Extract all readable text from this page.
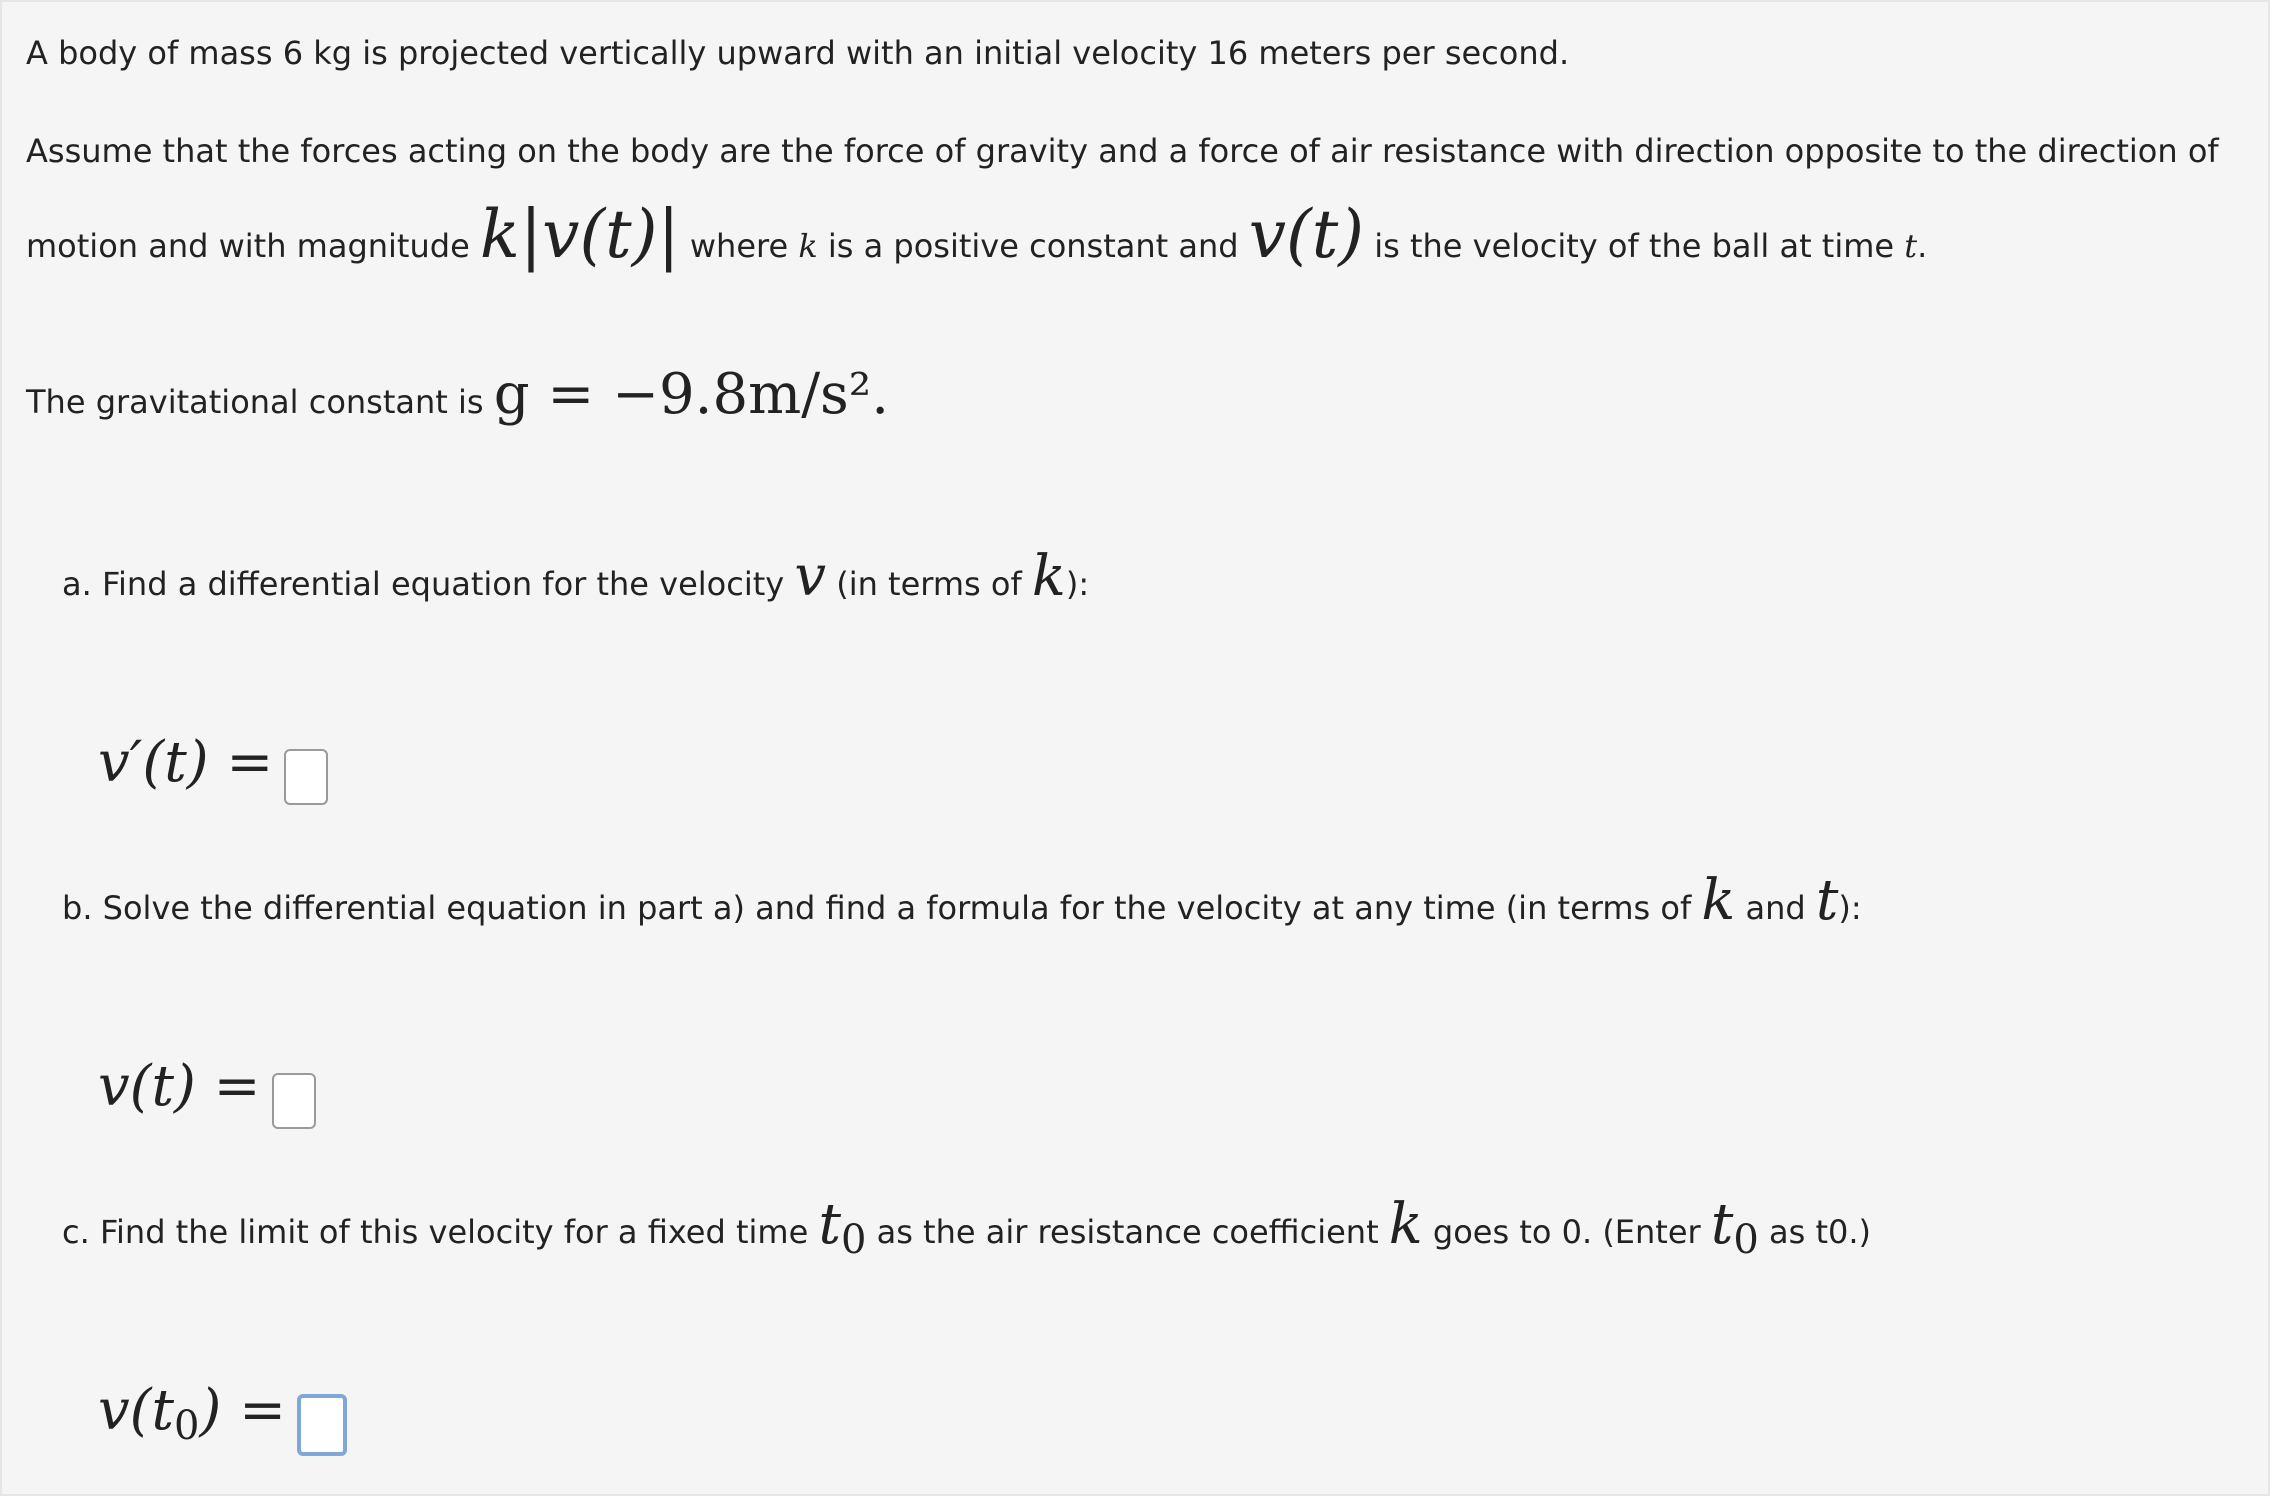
A body of mass 6 kg is projected vertically upward with an initial velocity 16 meters per second.
Assume that the forces acting on the body are the force of gravity and a force of air resistance with direction opposite to the direction of
motion and with magnitude k|v(t)| where k is a positive constant and v(t) is the velocity of the ball at time t.
The gravitational constant is g = −9.8m/s².
a. Find a differential equation for the velocity v (in terms of k):
v′(t) =
b. Solve the differential equation in part a) and find a formula for the velocity at any time (in terms of k and t):
v(t) =
c. Find the limit of this velocity for a fixed time $t_0$ as the air resistance coefficient k goes to 0. (Enter $t_0$ as t0.)
$v(t_0)$ =
